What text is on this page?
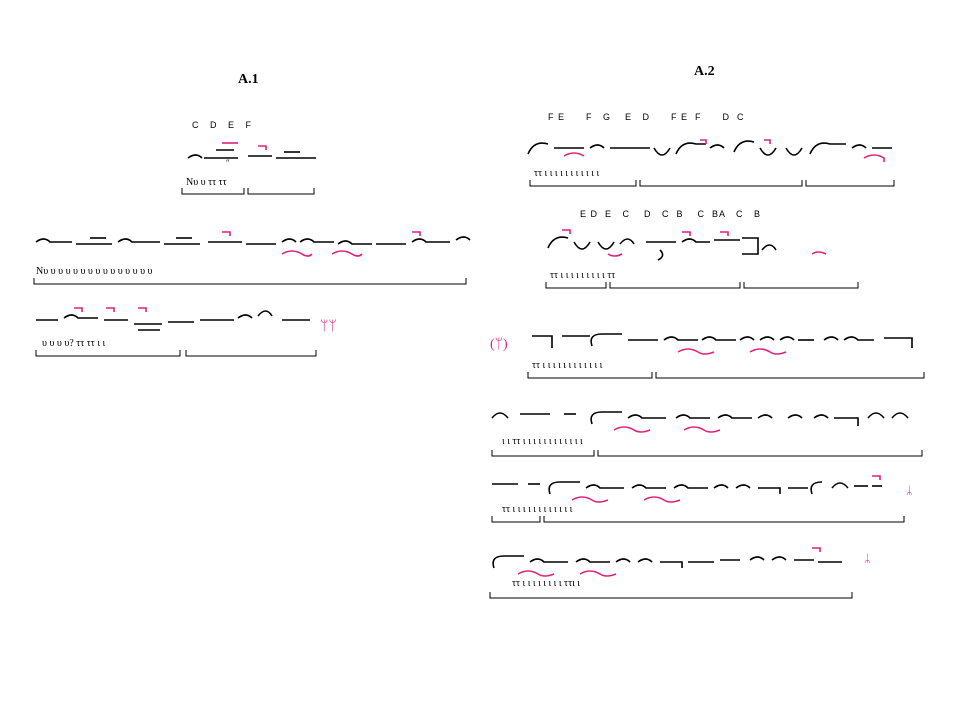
A.1
C   D   E   F
″
Nυ υ ττ ττ
Nυ υ υ υ υ υ υ υ υ υ υ υ υ υ υ
ᛘᛘ
υ υ υ υ? ττ ττ ι ι
A.2
F E      F   G    E   D      F E  F      D  C
ττ ι ι ι ι ι ι ι ι ι ι ι
E D  E   C    D   C  B    C  BA   C   B
ττ ι ι ι ι ι ι ι ι ι ττ
(ᛘ)
ττ ι ι ι ι ι ι ι ι ι ι ι ι
ι ι ττ ι ι ι ι ι ι ι ι ι ι ι ι
ᛦ
ττ ι ι ι ι ι ι ι ι ι ι ι ι
ᛦ
ττ ι ι ι ι ι ι ι ι ττι ι
